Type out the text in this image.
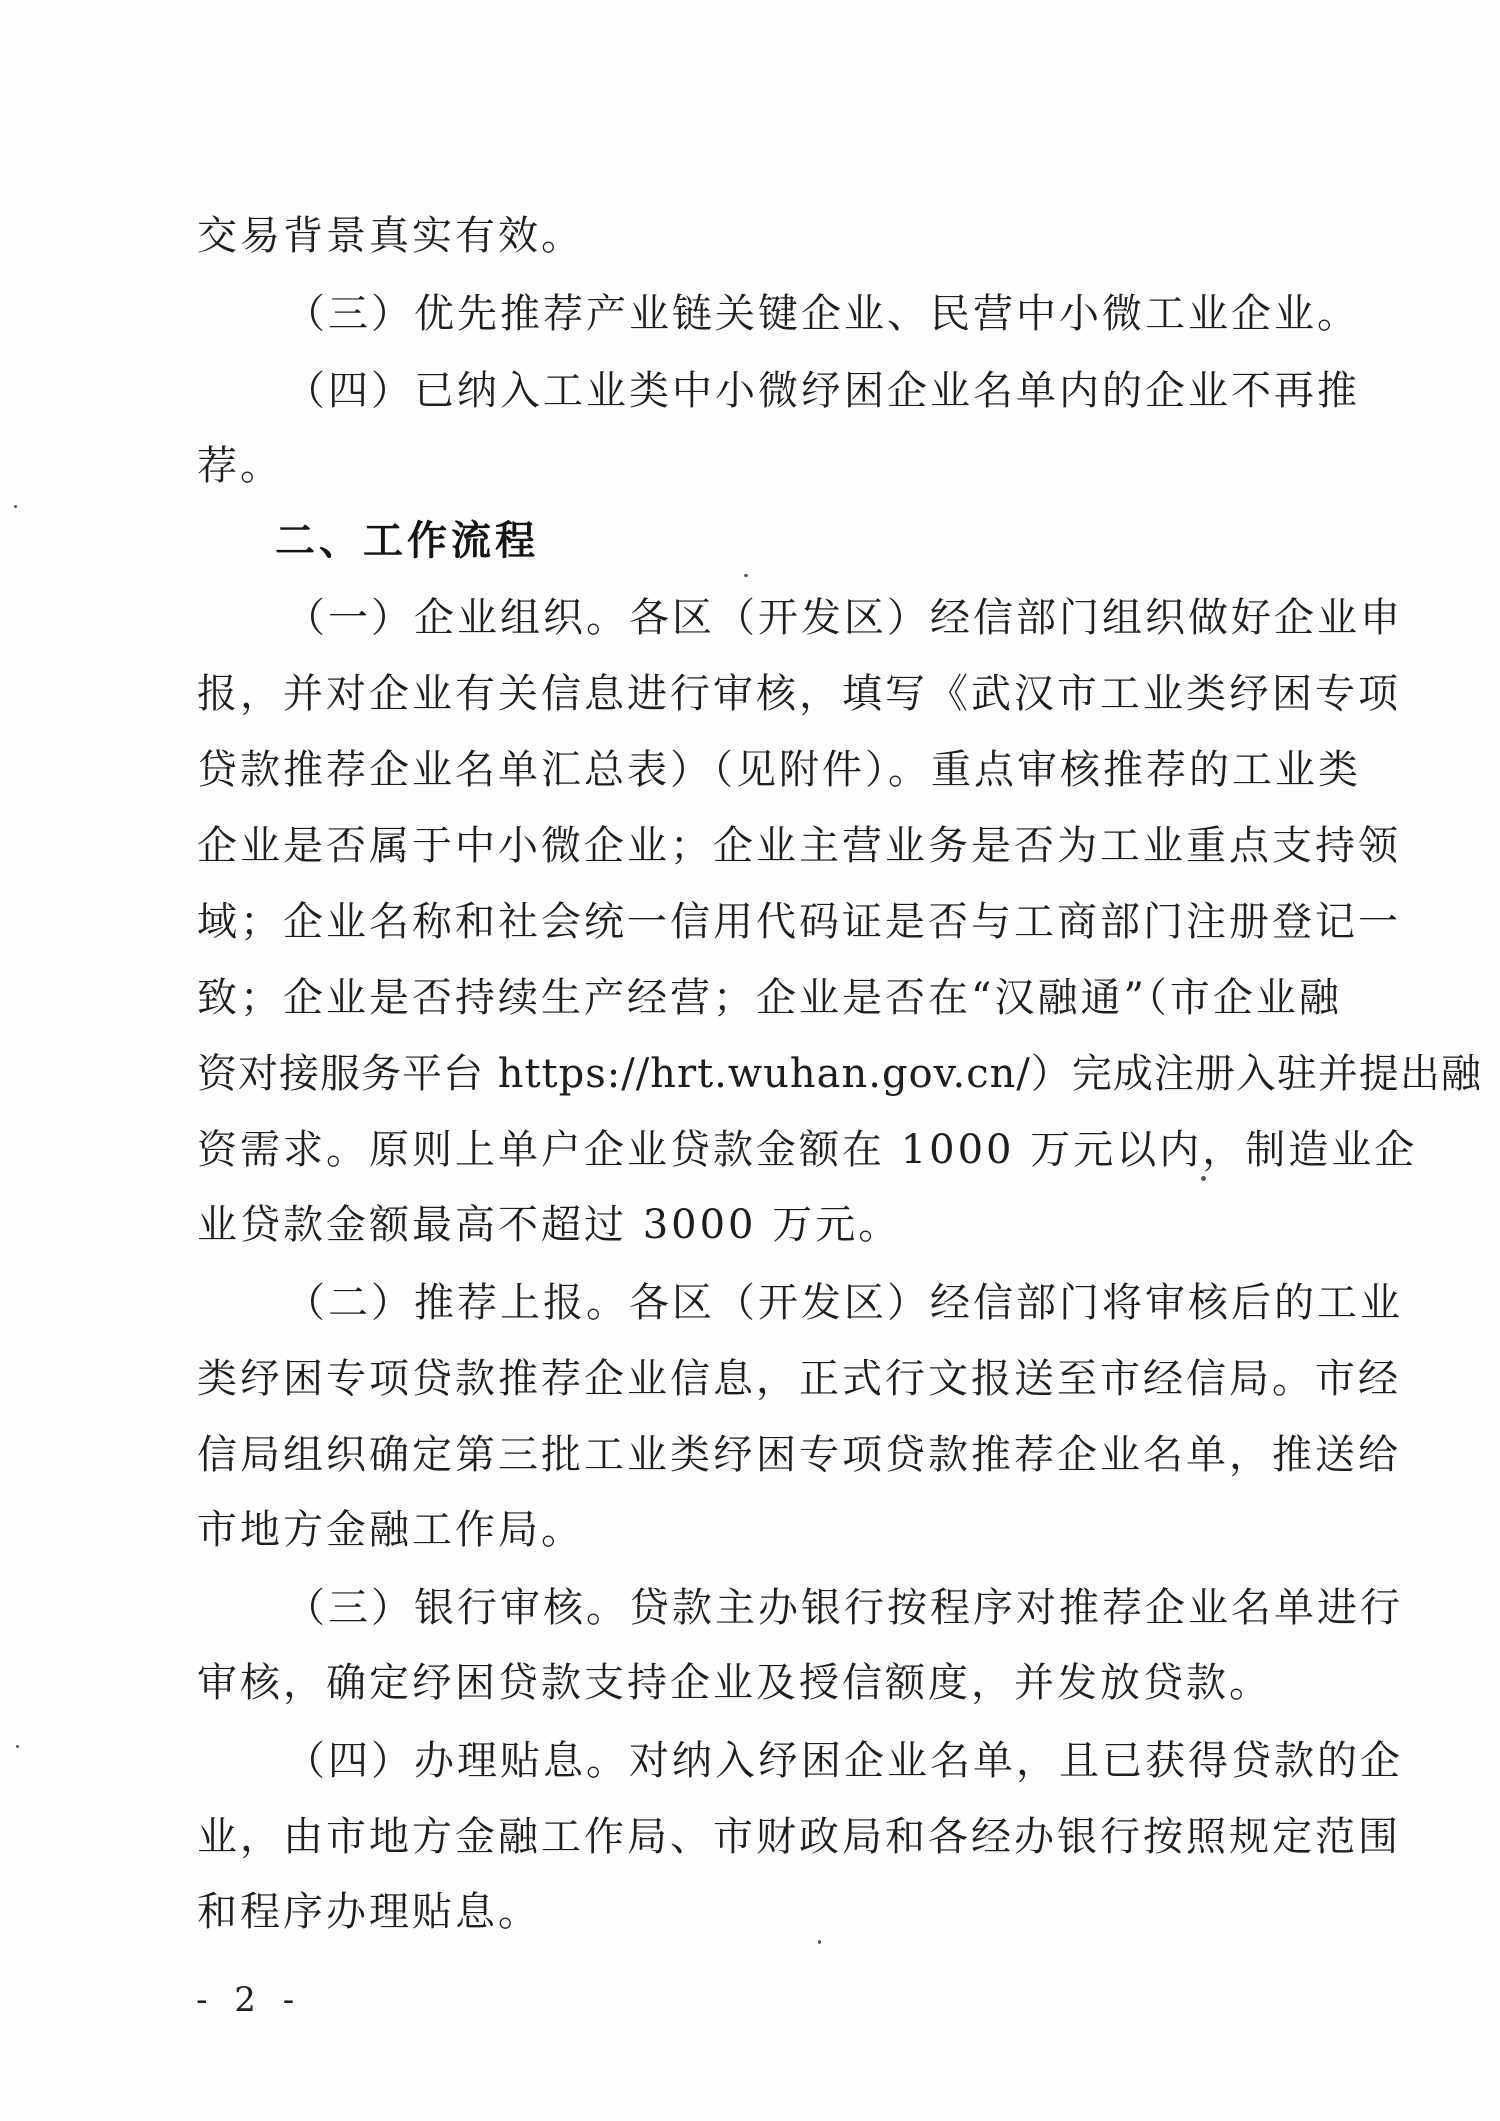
交易背景真实有效。
（三）优先推荐产业链关键企业、民营中小微工业企业。
（四）已纳入工业类中小微纾困企业名单内的企业不再推
荐。
二、工作流程
（一）企业组织。各区（开发区）经信部门组织做好企业申
报，并对企业有关信息进行审核，填写《武汉市工业类纾困专项
贷款推荐企业名单汇总表）（见附件）。重点审核推荐的工业类
企业是否属于中小微企业；企业主营业务是否为工业重点支持领
域；企业名称和社会统一信用代码证是否与工商部门注册登记一
致；企业是否持续生产经营；企业是否在“汉融通”（市企业融
资对接服务平台 https://hrt.wuhan.gov.cn/）完成注册入驻并提出融
资需求。原则上单户企业贷款金额在 1000 万元以内，制造业企
业贷款金额最高不超过 3000 万元。
（二）推荐上报。各区（开发区）经信部门将审核后的工业
类纾困专项贷款推荐企业信息，正式行文报送至市经信局。市经
信局组织确定第三批工业类纾困专项贷款推荐企业名单，推送给
市地方金融工作局。
（三）银行审核。贷款主办银行按程序对推荐企业名单进行
审核，确定纾困贷款支持企业及授信额度，并发放贷款。
（四）办理贴息。对纳入纾困企业名单，且已获得贷款的企
业，由市地方金融工作局、市财政局和各经办银行按照规定范围
和程序办理贴息。
- 2 -
